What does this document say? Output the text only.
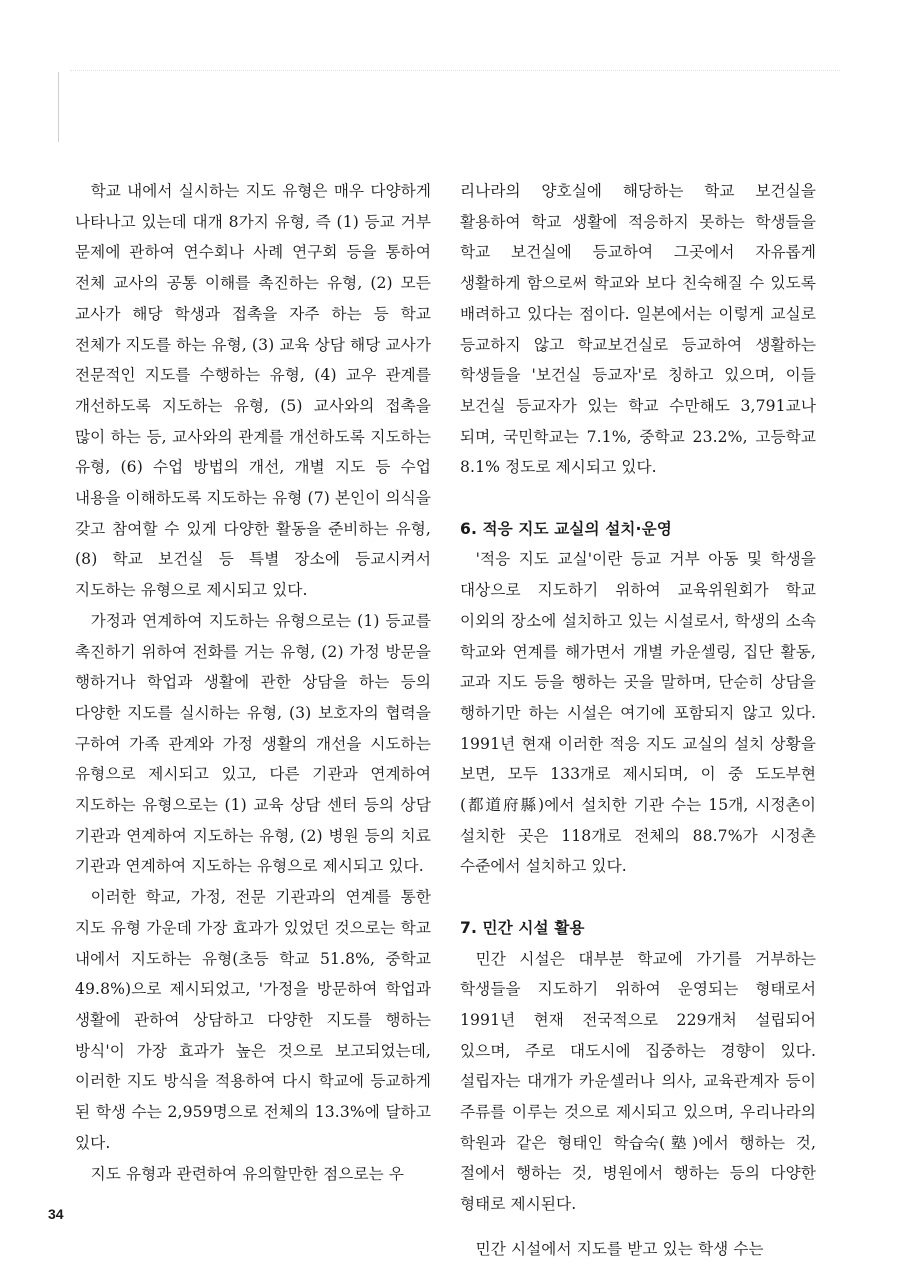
학교 내에서 실시하는 지도 유형은 매우 다양하게 나타나고 있는데 대개 8가지 유형, 즉 (1) 등교 거부 문제에 관하여 연수회나 사례 연구회 등을 통하여 전체 교사의 공통 이해를 촉진하는 유형, (2) 모든 교사가 해당 학생과 접촉을 자주 하는 등 학교 전체가 지도를 하는 유형, (3) 교육 상담 해당 교사가 전문적인 지도를 수행하는 유형, (4) 교우 관계를 개선하도록 지도하는 유형, (5) 교사와의 접촉을 많이 하는 등, 교사와의 관계를 개선하도록 지도하는 유형, (6) 수업 방법의 개선, 개별 지도 등 수업 내용을 이해하도록 지도하는 유형 (7) 본인이 의식을 갖고 참여할 수 있게 다양한 활동을 준비하는 유형, (8) 학교 보건실 등 특별 장소에 등교시켜서 지도하는 유형으로 제시되고 있다.

가정과 연계하여 지도하는 유형으로는 (1) 등교를 촉진하기 위하여 전화를 거는 유형, (2) 가정 방문을 행하거나 학업과 생활에 관한 상담을 하는 등의 다양한 지도를 실시하는 유형, (3) 보호자의 협력을 구하여 가족 관계와 가정 생활의 개선을 시도하는 유형으로 제시되고 있고, 다른 기관과 연계하여 지도하는 유형으로는 (1) 교육 상담 센터 등의 상담 기관과 연계하여 지도하는 유형, (2) 병원 등의 치료 기관과 연계하여 지도하는 유형으로 제시되고 있다.

이러한 학교, 가정, 전문 기관과의 연계를 통한 지도 유형 가운데 가장 효과가 있었던 것으로는 학교 내에서 지도하는 유형(초등 학교 51.8%, 중학교 49.8%)으로 제시되었고, '가정을 방문하여 학업과 생활에 관하여 상담하고 다양한 지도를 행하는 방식'이 가장 효과가 높은 것으로 보고되었는데, 이러한 지도 방식을 적용하여 다시 학교에 등교하게 된 학생 수는 2,959명으로 전체의 13.3%에 달하고 있다.

지도 유형과 관련하여 유의할만한 점으로는 우

리나라의 양호실에 해당하는 학교 보건실을 활용하여 학교 생활에 적응하지 못하는 학생들을 학교 보건실에 등교하여 그곳에서 자유롭게 생활하게 함으로써 학교와 보다 친숙해질 수 있도록 배려하고 있다는 점이다. 일본에서는 이렇게 교실로 등교하지 않고 학교보건실로 등교하여 생활하는 학생들을 '보건실 등교자'로 칭하고 있으며, 이들 보건실 등교자가 있는 학교 수만해도 3,791교나 되며, 국민학교는 7.1%, 중학교 23.2%, 고등학교 8.1% 정도로 제시되고 있다.

6. 적응 지도 교실의 설치·운영

'적응 지도 교실'이란 등교 거부 아동 및 학생을 대상으로 지도하기 위하여 교육위원회가 학교 이외의 장소에 설치하고 있는 시설로서, 학생의 소속 학교와 연계를 해가면서 개별 카운셀링, 집단 활동, 교과 지도 등을 행하는 곳을 말하며, 단순히 상담을 행하기만 하는 시설은 여기에 포함되지 않고 있다. 1991년 현재 이러한 적응 지도 교실의 설치 상황을 보면, 모두 133개로 제시되며, 이 중 도도부현(都道府縣)에서 설치한 기관 수는 15개, 시정촌이 설치한 곳은 118개로 전체의 88.7%가 시정촌 수준에서 설치하고 있다.

7. 민간 시설 활용

민간 시설은 대부분 학교에 가기를 거부하는 학생들을 지도하기 위하여 운영되는 형태로서 1991년 현재 전국적으로 229개처 설립되어 있으며, 주로 대도시에 집중하는 경향이 있다. 설립자는 대개가 카운셀러나 의사, 교육관계자 등이 주류를 이루는 것으로 제시되고 있으며, 우리나라의 학원과 같은 형태인 학습숙(塾)에서 행하는 것, 절에서 행하는 것, 병원에서 행하는 등의 다양한 형태로 제시된다.

민간 시설에서 지도를 받고 있는 학생 수는

34
